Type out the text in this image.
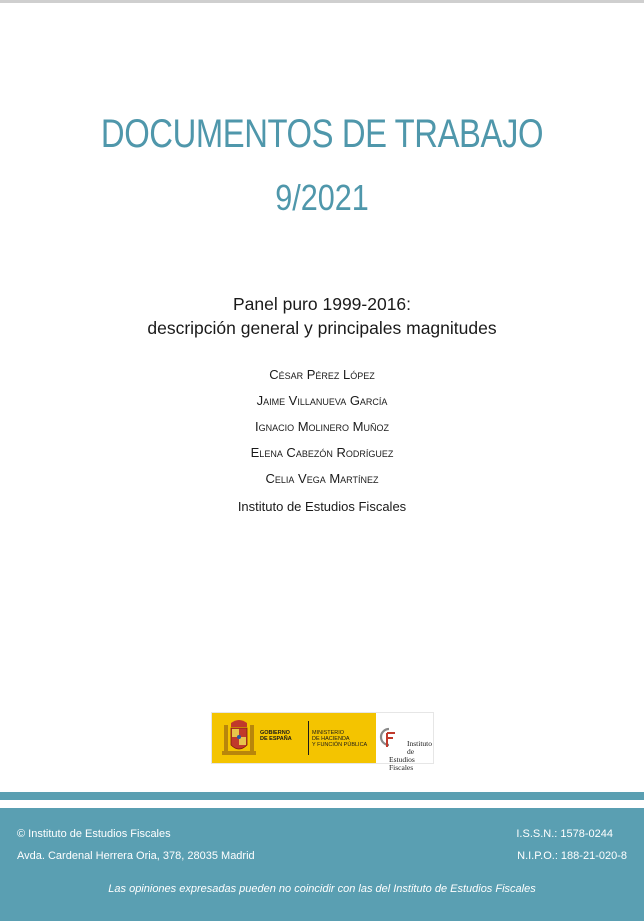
DOCUMENTOS DE TRABAJO
9/2021
Panel puro 1999-2016:
descripción general y principales magnitudes
César Pérez López
Jaime Villanueva García
Ignacio Molinero Muñoz
Elena Cabezón Rodríguez
Celia Vega Martínez
Instituto de Estudios Fiscales
GOBIERNO
DE ESPAÑA
MINISTERIO
DE HACIENDA
Y FUNCIÓN PÚBLICA	Instituto de
Estudios Fiscales
© Instituto de Estudios Fiscales
Avda. Cardenal Herrera Oria, 378, 28035 Madrid
I.S.S.N.: 1578-0244
N.I.P.O.: 188-21-020-8
Las opiniones expresadas pueden no coincidir con las del Instituto de Estudios Fiscales
